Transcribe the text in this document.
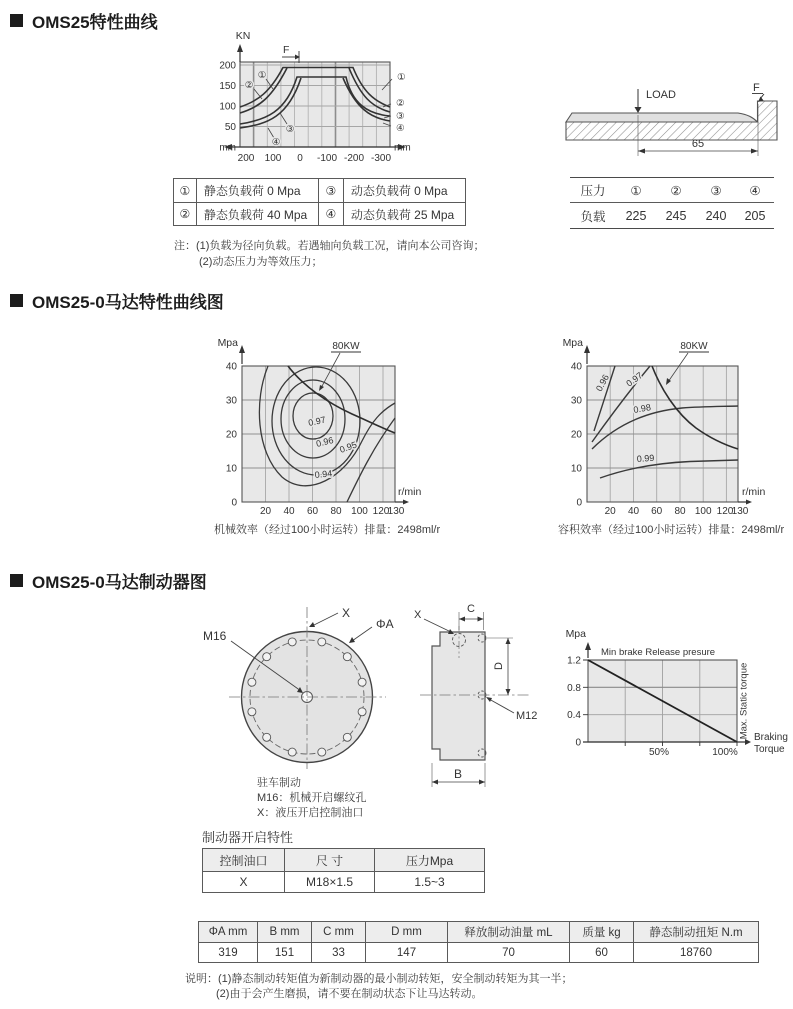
OMS25特性曲线
F
KN
200
150
100
50
mm	mm
200 100 0 -100 -200 -300
①
②
③
④
①
②
③
④
LOAD
F
65
①	静态负载荷 0 Mpa	③	动态负载荷 0 Mpa
②	静态负载荷 40 Mpa	④	动态负载荷 25 Mpa
注：(1)负载为径向负载。若遇轴向负载工况，请向本公司咨询；
(2)动态压力为等效压力；
压力	①	②	③	④
负载	225	245	240	205
OMS25-0马达特性曲线图
0.97
0.96 0.95
0.94
80KW
Mpa
40
30
20
10
0
20 40 60 80 100 120
130
r/min
机械效率（经过100小时运转）排量：2498ml/r
0.96 0.97
0.98
0.99
80KW
Mpa
40
30
20
10
0
20 40 60 80 100 120
130
r/min
容积效率（经过100小时运转）排量：2498ml/r
OMS25-0马达制动器图
X
ΦA
M16
驻车制动
M16：机械开启螺纹孔
X：液压开启控制油口
X	C
D
M12
B
Mpa
1.2
0.8
0.4
0
Min brake Release presure
Max. Static torque
50%	100%
Braking
Torque
制动器开启特性
控制油口	尺 寸	压力Mpa
X	M18×1.5	1.5~3
ΦA mm	B mm	C mm	D mm	释放制动油量 mL	质量 kg	静态制动扭矩 N.m
319	151	33	147	70	60	18760
说明：(1)静态制动转矩值为新制动器的最小制动转矩，安全制动转矩为其一半；
(2)由于会产生磨损，请不要在制动状态下让马达转动。
